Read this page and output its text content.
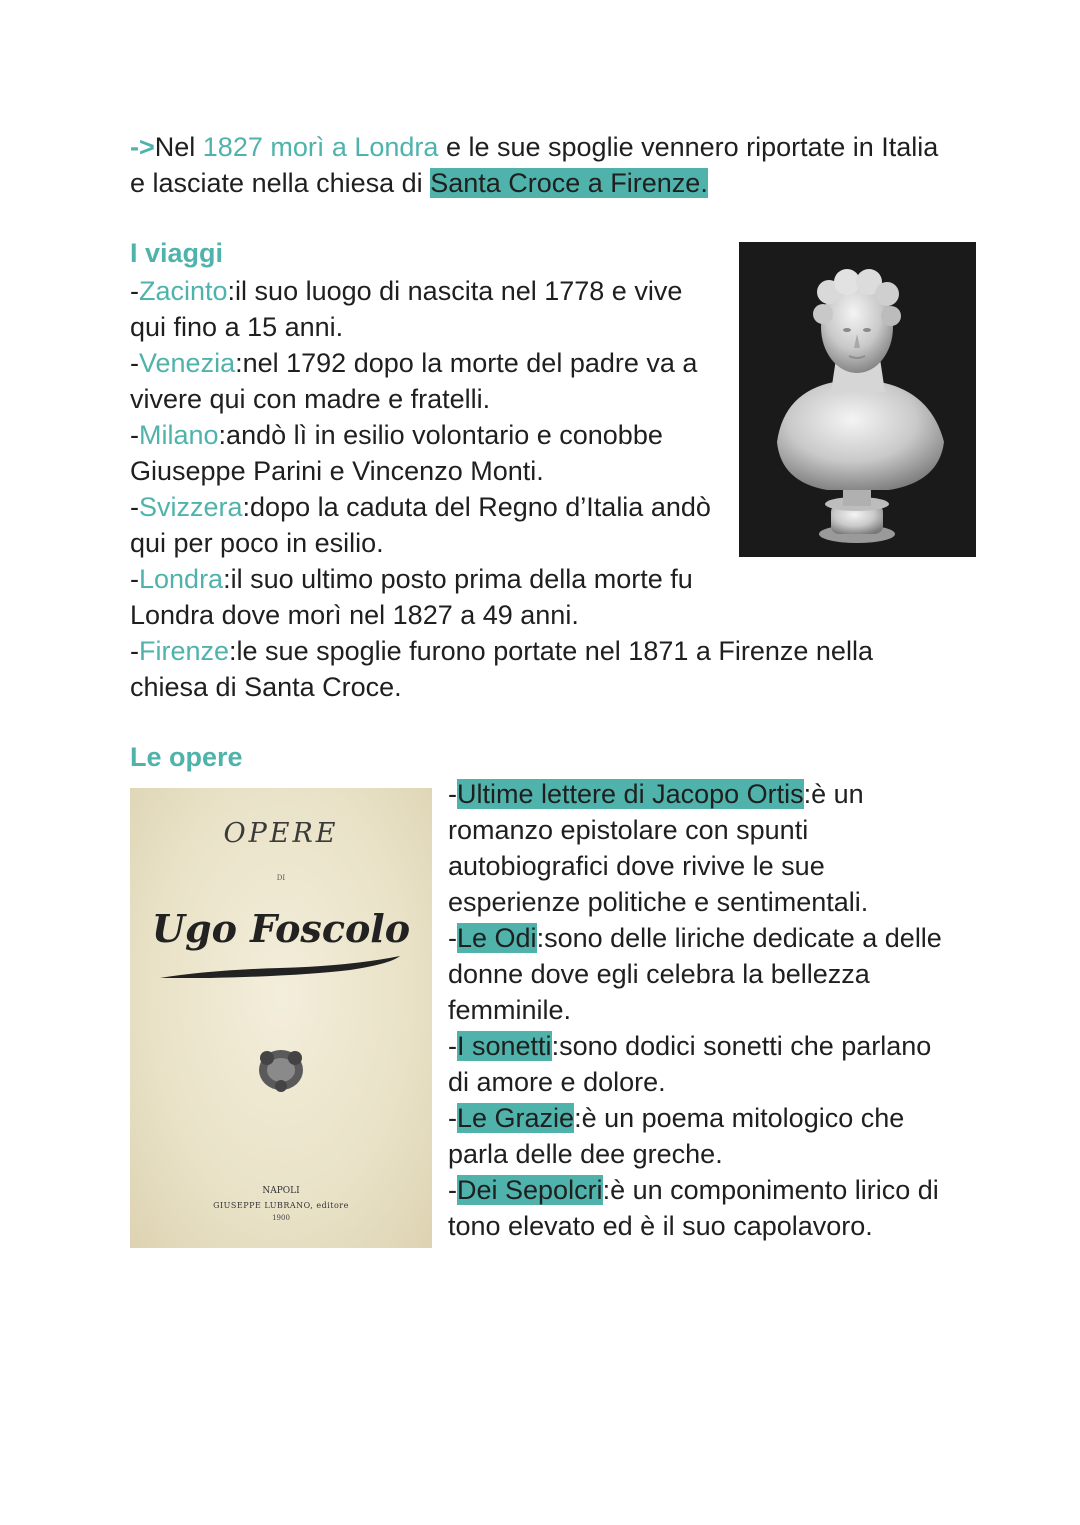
->Nel 1827 morì a Londra e le sue spoglie vennero riportate in Italia
e lasciate nella chiesa di Santa Croce a Firenze.
I viaggi
-Zacinto:il suo luogo di nascita nel 1778 e vive
qui fino a 15 anni.
-Venezia:nel 1792 dopo la morte del padre va a
vivere qui con madre e fratelli.
-Milano:andò lì in esilio volontario e conobbe
Giuseppe Parini e Vincenzo Monti.
-Svizzera:dopo la caduta del Regno d’Italia andò
qui per poco in esilio.
-Londra:il suo ultimo posto prima della morte fu
Londra dove morì nel 1827 a 49 anni.
-Firenze:le sue spoglie furono portate nel 1871 a Firenze nella
chiesa di Santa Croce.
Le opere
OPERE
DI
Ugo Foscolo
NAPOLI
GIUSEPPE LUBRANO, editore
1900
-Ultime lettere di Jacopo Ortis:è un
romanzo epistolare con spunti
autobiografici dove rivive le sue
esperienze politiche e sentimentali.
-Le Odi:sono delle liriche dedicate a delle
donne dove egli celebra la bellezza
femminile.
-I sonetti:sono dodici sonetti che parlano
di amore e dolore.
-Le Grazie:è un poema mitologico che
parla delle dee greche.
-Dei Sepolcri:è un componimento lirico di
tono elevato ed è il suo capolavoro.
